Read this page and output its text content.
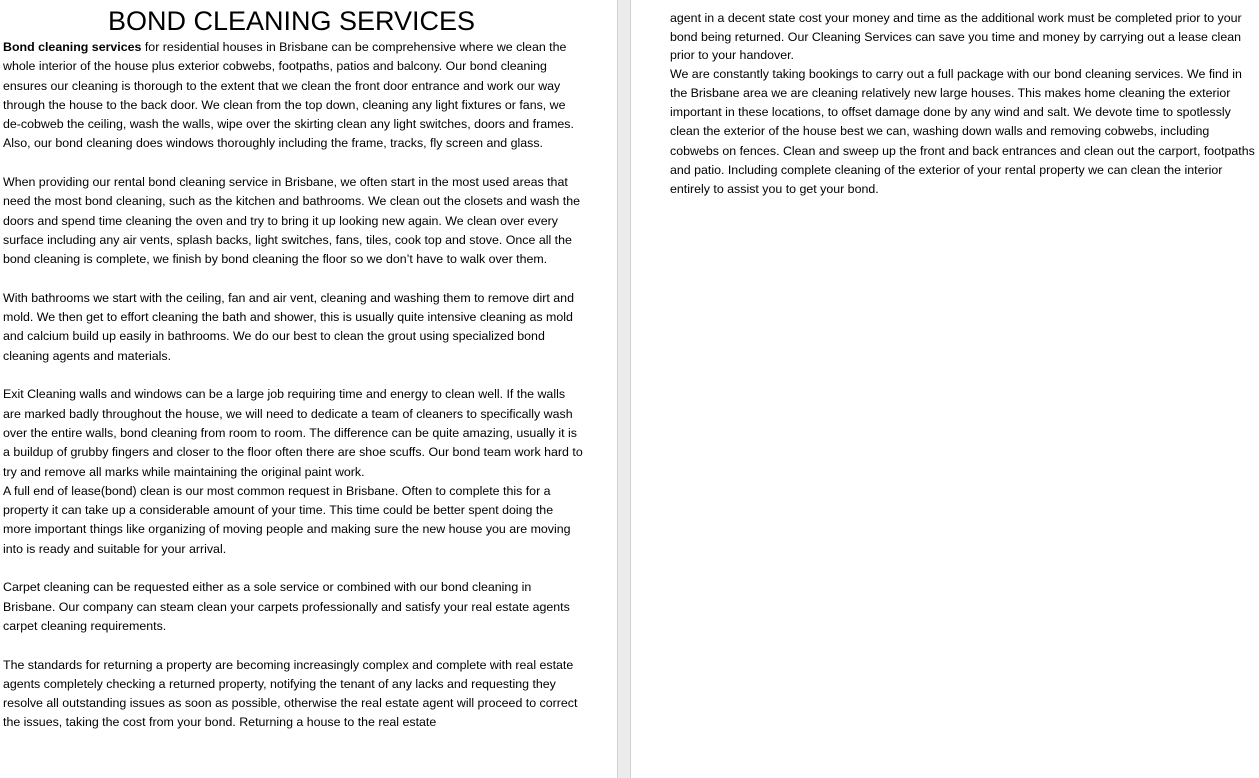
BOND CLEANING SERVICES

Bond cleaning services for residential houses in Brisbane can be comprehensive where we clean the whole interior of the house plus exterior cobwebs, footpaths, patios and balcony. Our bond cleaning ensures our cleaning is thorough to the extent that we clean the front door entrance and work our way through the house to the back door. We clean from the top down, cleaning any light fixtures or fans, we de-cobweb the ceiling, wash the walls, wipe over the skirting clean any light switches, doors and frames. Also, our bond cleaning does windows thoroughly including the frame, tracks, fly screen and glass.

When providing our rental bond cleaning service in Brisbane, we often start in the most used areas that need the most bond cleaning, such as the kitchen and bathrooms. We clean out the closets and wash the doors and spend time cleaning the oven and try to bring it up looking new again. We clean over every surface including any air vents, splash backs, light switches, fans, tiles, cook top and stove. Once all the bond cleaning is complete, we finish by bond cleaning the floor so we don’t have to walk over them.

With bathrooms we start with the ceiling, fan and air vent, cleaning and washing them to remove dirt and mold. We then get to effort cleaning the bath and shower, this is usually quite intensive cleaning as mold and calcium build up easily in bathrooms. We do our best to clean the grout using specialized bond cleaning agents and materials.

Exit Cleaning walls and windows can be a large job requiring time and energy to clean well. If the walls are marked badly throughout the house, we will need to dedicate a team of cleaners to specifically wash over the entire walls, bond cleaning from room to room. The difference can be quite amazing, usually it is a buildup of grubby fingers and closer to the floor often there are shoe scuffs. Our bond team work hard to try and remove all marks while maintaining the original paint work.

A full end of lease(bond) clean is our most common request in Brisbane. Often to complete this for a property it can take up a considerable amount of your time. This time could be better spent doing the more important things like organizing of moving people and making sure the new house you are moving into is ready and suitable for your arrival.

Carpet cleaning can be requested either as a sole service or combined with our bond cleaning in Brisbane. Our company can steam clean your carpets professionally and satisfy your real estate agents carpet cleaning requirements.

The standards for returning a property are becoming increasingly complex and complete with real estate agents completely checking a returned property, notifying the tenant of any lacks and requesting they resolve all outstanding issues as soon as possible, otherwise the real estate agent will proceed to correct the issues, taking the cost from your bond. Returning a house to the real estate

agent in a decent state cost your money and time as the additional work must be completed prior to your bond being returned. Our Cleaning Services can save you time and money by carrying out a lease clean prior to your handover.

We are constantly taking bookings to carry out a full package with our bond cleaning services. We find in the Brisbane area we are cleaning relatively new large houses. This makes home cleaning the exterior important in these locations, to offset damage done by any wind and salt. We devote time to spotlessly clean the exterior of the house best we can, washing down walls and removing cobwebs, including cobwebs on fences. Clean and sweep up the front and back entrances and clean out the carport, footpaths and patio. Including complete cleaning of the exterior of your rental property we can clean the interior entirely to assist you to get your bond.
